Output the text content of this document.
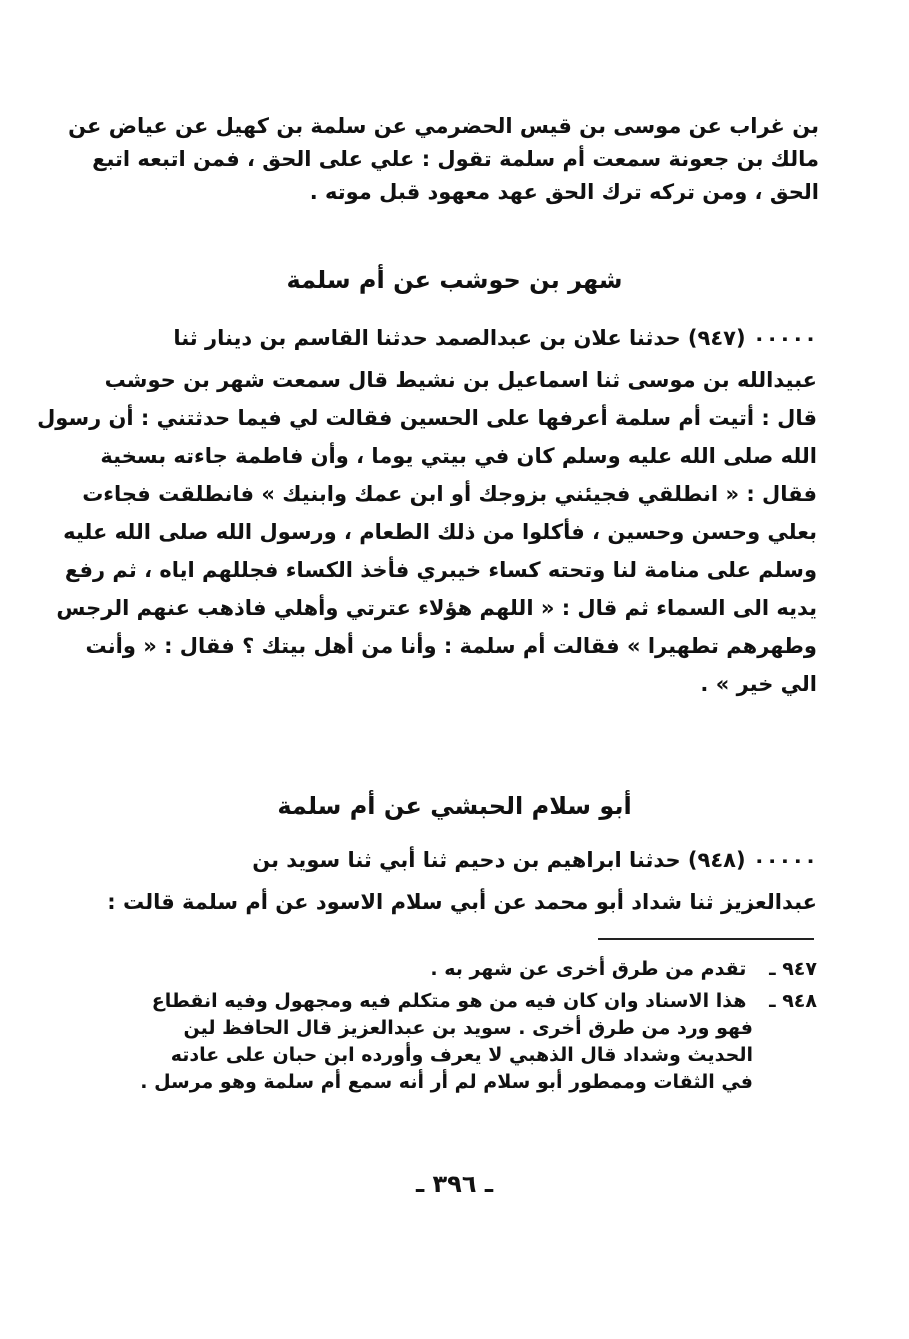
بن غراب عن موسى بن قيس الحضرمي عن سلمة بن كهيل عن عياض عن
مالك بن جعونة سمعت أم سلمة تقول : علي على الحق ، فمن اتبعه اتبع
الحق ، ومن تركه ترك الحق عهد معهود قبل موته .
شهر بن حوشب عن أم سلمة
٠٠٠٠٠ (٩٤٧) حدثنا علان بن عبدالصمد حدثنا القاسم بن دينار ثنا
عبيدالله بن موسى ثنا اسماعيل بن نشيط قال سمعت شهر بن حوشب
قال : أتيت أم سلمة أعرفها على الحسين فقالت لي فيما حدثتني : أن رسول
الله صلى الله عليه وسلم كان في بيتي يوما ، وأن فاطمة جاءته بسخية
فقال : « انطلقي فجيئني بزوجك أو ابن عمك وابنيك » فانطلقت فجاءت
بعلي وحسن وحسين ، فأكلوا من ذلك الطعام ، ورسول الله صلى الله عليه
وسلم على منامة لنا وتحته كساء خيبري فأخذ الكساء فجللهم اياه ، ثم رفع
يديه الى السماء ثم قال : « اللهم هؤلاء عترتي وأهلي فاذهب عنهم الرجس
وطهرهم تطهيرا » فقالت أم سلمة : وأنا من أهل بيتك ؟ فقال : « وأنت
الي خير » .
أبو سلام الحبشي عن أم سلمة
٠٠٠٠٠ (٩٤٨) حدثنا ابراهيم بن دحيم ثنا أبي ثنا سويد بن
عبدالعزيز ثنا شداد أبو محمد عن أبي سلام الاسود عن أم سلمة قالت :
٩٤٧ ـ تقدم من طرق أخرى عن شهر به .
٩٤٨ ـ هذا الاسناد وان كان فيه من هو متكلم فيه ومجهول وفيه انقطاع
فهو ورد من طرق أخرى . سويد بن عبدالعزيز قال الحافظ لين
الحديث وشداد قال الذهبي لا يعرف وأورده ابن حبان على عادته
في الثقات وممطور أبو سلام لم أر أنه سمع أم سلمة وهو مرسل .
ـ ٣٩٦ ـ
